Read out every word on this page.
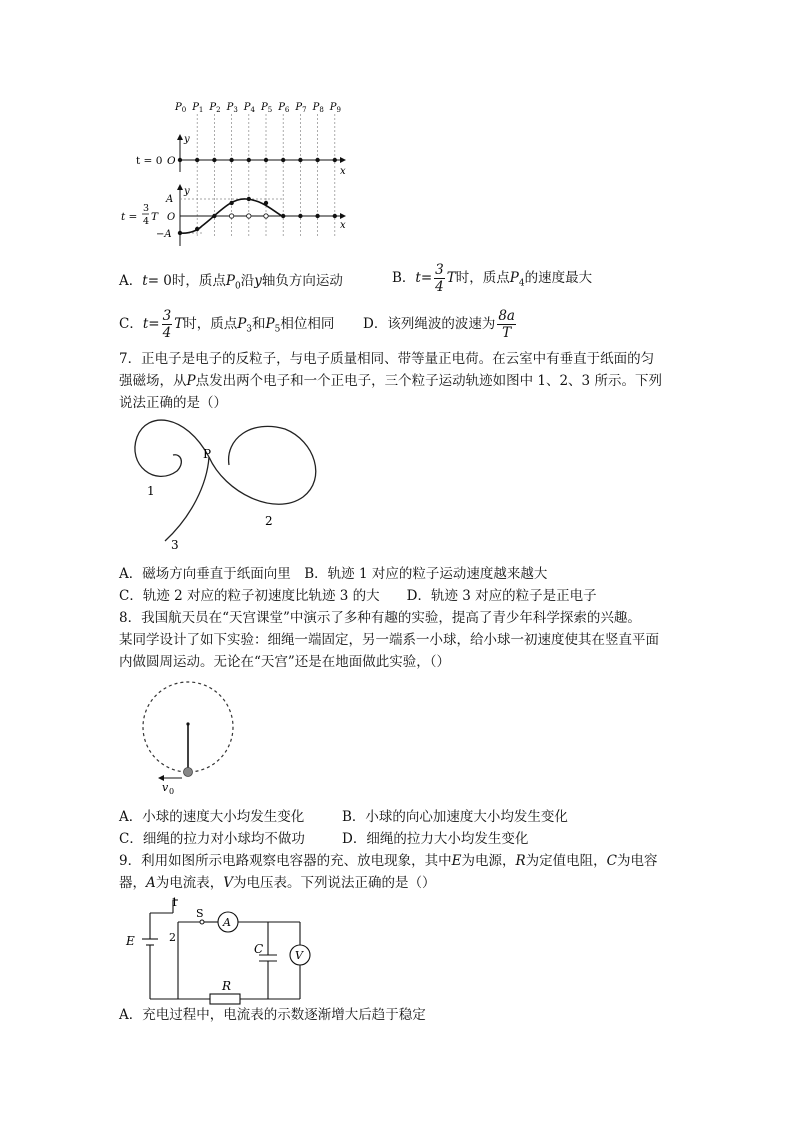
$P_0$ $P_1$ $P_2$ $P_3$ $P_4$ $P_5$ $P_6$ $P_7$ $P_8$ $P_9$
y
x
t = 0 O
y
x
A
O
−A
t =
3
4 T
A．t= 0时，质点$P_0$沿y轴负方向运动	B．$t= \frac{3}{4}$ T时，质点$P_4$的速度最大
C．$t= \frac{3}{4}$ T时，质点$P_3$和$P_5$相位相同 D．该列绳波的波速为 $\frac{8a}{T}$
7．正电子是电子的反粒子，与电子质量相同、带等量正电荷。在云室中有垂直于纸面的匀
强磁场，从P点发出两个电子和一个正电子，三个粒子运动轨迹如图中 1、2、3 所示。下列
说法正确的是（）
P
1
2
3
A．磁场方向垂直于纸面向里　B．轨迹 1 对应的粒子运动速度越来越大
C．轨迹 2 对应的粒子初速度比轨迹 3 的大　　D．轨迹 3 对应的粒子是正电子
8．我国航天员在“天宫课堂”中演示了多种有趣的实验，提高了青少年科学探索的兴趣。
某同学设计了如下实验：细绳一端固定，另一端系一小球，给小球一初速度使其在竖直平面
内做圆周运动。无论在“天宫”还是在地面做此实验，（）
v 0
A．小球的速度大小均发生变化	B．小球的向心加速度大小均发生变化
C．细绳的拉力对小球均不做功	D．细绳的拉力大小均发生变化
9．利用如图所示电路观察电容器的充、放电现象，其中E为电源，R为定值电阻，C为电容
器，A为电流表，V为电压表。下列说法正确的是（）
1
2
S
A
E
C
R
V
A．充电过程中，电流表的示数逐渐增大后趋于稳定
